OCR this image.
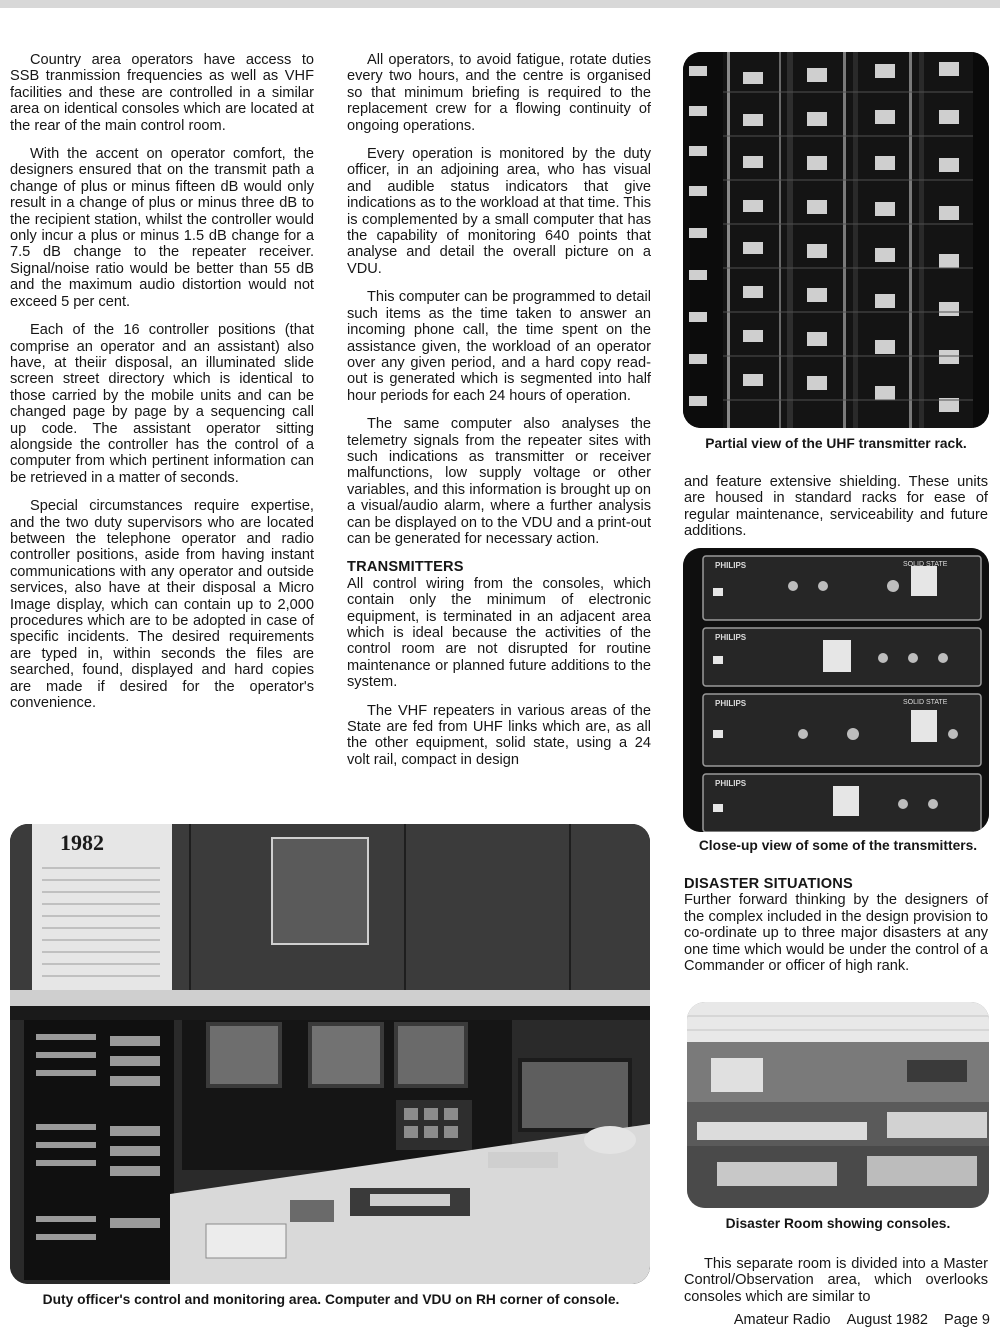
Country area operators have access to SSB tranmission frequencies as well as VHF facilities and these are controlled in a similar area on identical consoles which are located at the rear of the main control room.

With the accent on operator comfort, the designers ensured that on the transmit path a change of plus or minus fifteen dB would only result in a change of plus or minus three dB to the recipient station, whilst the controller would only incur a plus or minus 1.5 dB change for a 7.5 dB change to the repeater receiver. Signal/noise ratio would be better than 55 dB and the maximum audio distortion would not exceed 5 per cent.

Each of the 16 controller positions (that comprise an operator and an assistant) also have, at theiir disposal, an illuminated slide screen street directory which is identical to those carried by the mobile units and can be changed page by page by a sequencing call up code. The assistant operator sitting alongside the controller has the control of a computer from which pertinent information can be retrieved in a matter of seconds.

Special circumstances require expertise, and the two duty supervisors who are located between the telephone operator and radio controller positions, aside from having instant communications with any operator and outside services, also have at their disposal a Micro Image display, which can contain up to 2,000 procedures which are to be adopted in case of specific incidents. The desired requirements are typed in, within seconds the files are searched, found, displayed and hard copies are made if desired for the operator's convenience.

All operators, to avoid fatigue, rotate duties every two hours, and the centre is organised so that minimum briefing is required to the replacement crew for a flowing continuity of ongoing operations.

Every operation is monitored by the duty officer, in an adjoining area, who has visual and audible status indicators that give indications as to the workload at that time. This is complemented by a small computer that has the capability of monitoring 640 points that analyse and detail the overall picture on a VDU.

This computer can be programmed to detail such items as the time taken to answer an incoming phone call, the time spent on the assistance given, the workload of an operator over any given period, and a hard copy read-out is generated which is segmented into half hour periods for each 24 hours of operation.

The same computer also analyses the telemetry signals from the repeater sites with such indications as transmitter or receiver malfunctions, low supply voltage or other variables, and this information is brought up on a visual/audio alarm, where a further analysis can be displayed on to the VDU and a print-out can be generated for necessary action.

TRANSMITTERS

All control wiring from the consoles, which contain only the minimum of electronic equipment, is terminated in an adjacent area which is ideal because the activities of the control room are not disrupted for routine maintenance or planned future additions to the system.

The VHF repeaters in various areas of the State are fed from UHF links which are, as all the other equipment, solid state, using a 24 volt rail, compact in design

Partial view of the UHF transmitter rack.

and feature extensive shielding. These units are housed in standard racks for ease of regular maintenance, serviceability and future additions.

PHILIPS	SOLID STATE
PHILIPS
PHILIPS	SOLID STATE
PHILIPS
Close-up view of some of the transmitters.
DISASTER SITUATIONS

Further forward thinking by the designers of the complex included in the design provision to co-ordinate up to three major disasters at any one time which would be under the control of a Commander or officer of high rank.

Disaster Room showing consoles.

This separate room is divided into a Master Control/Observation area, which overlooks consoles which are similar to

1982
Duty officer's control and monitoring area. Computer and VDU on RH corner of console.
Amateur Radio August 1982 Page 9
